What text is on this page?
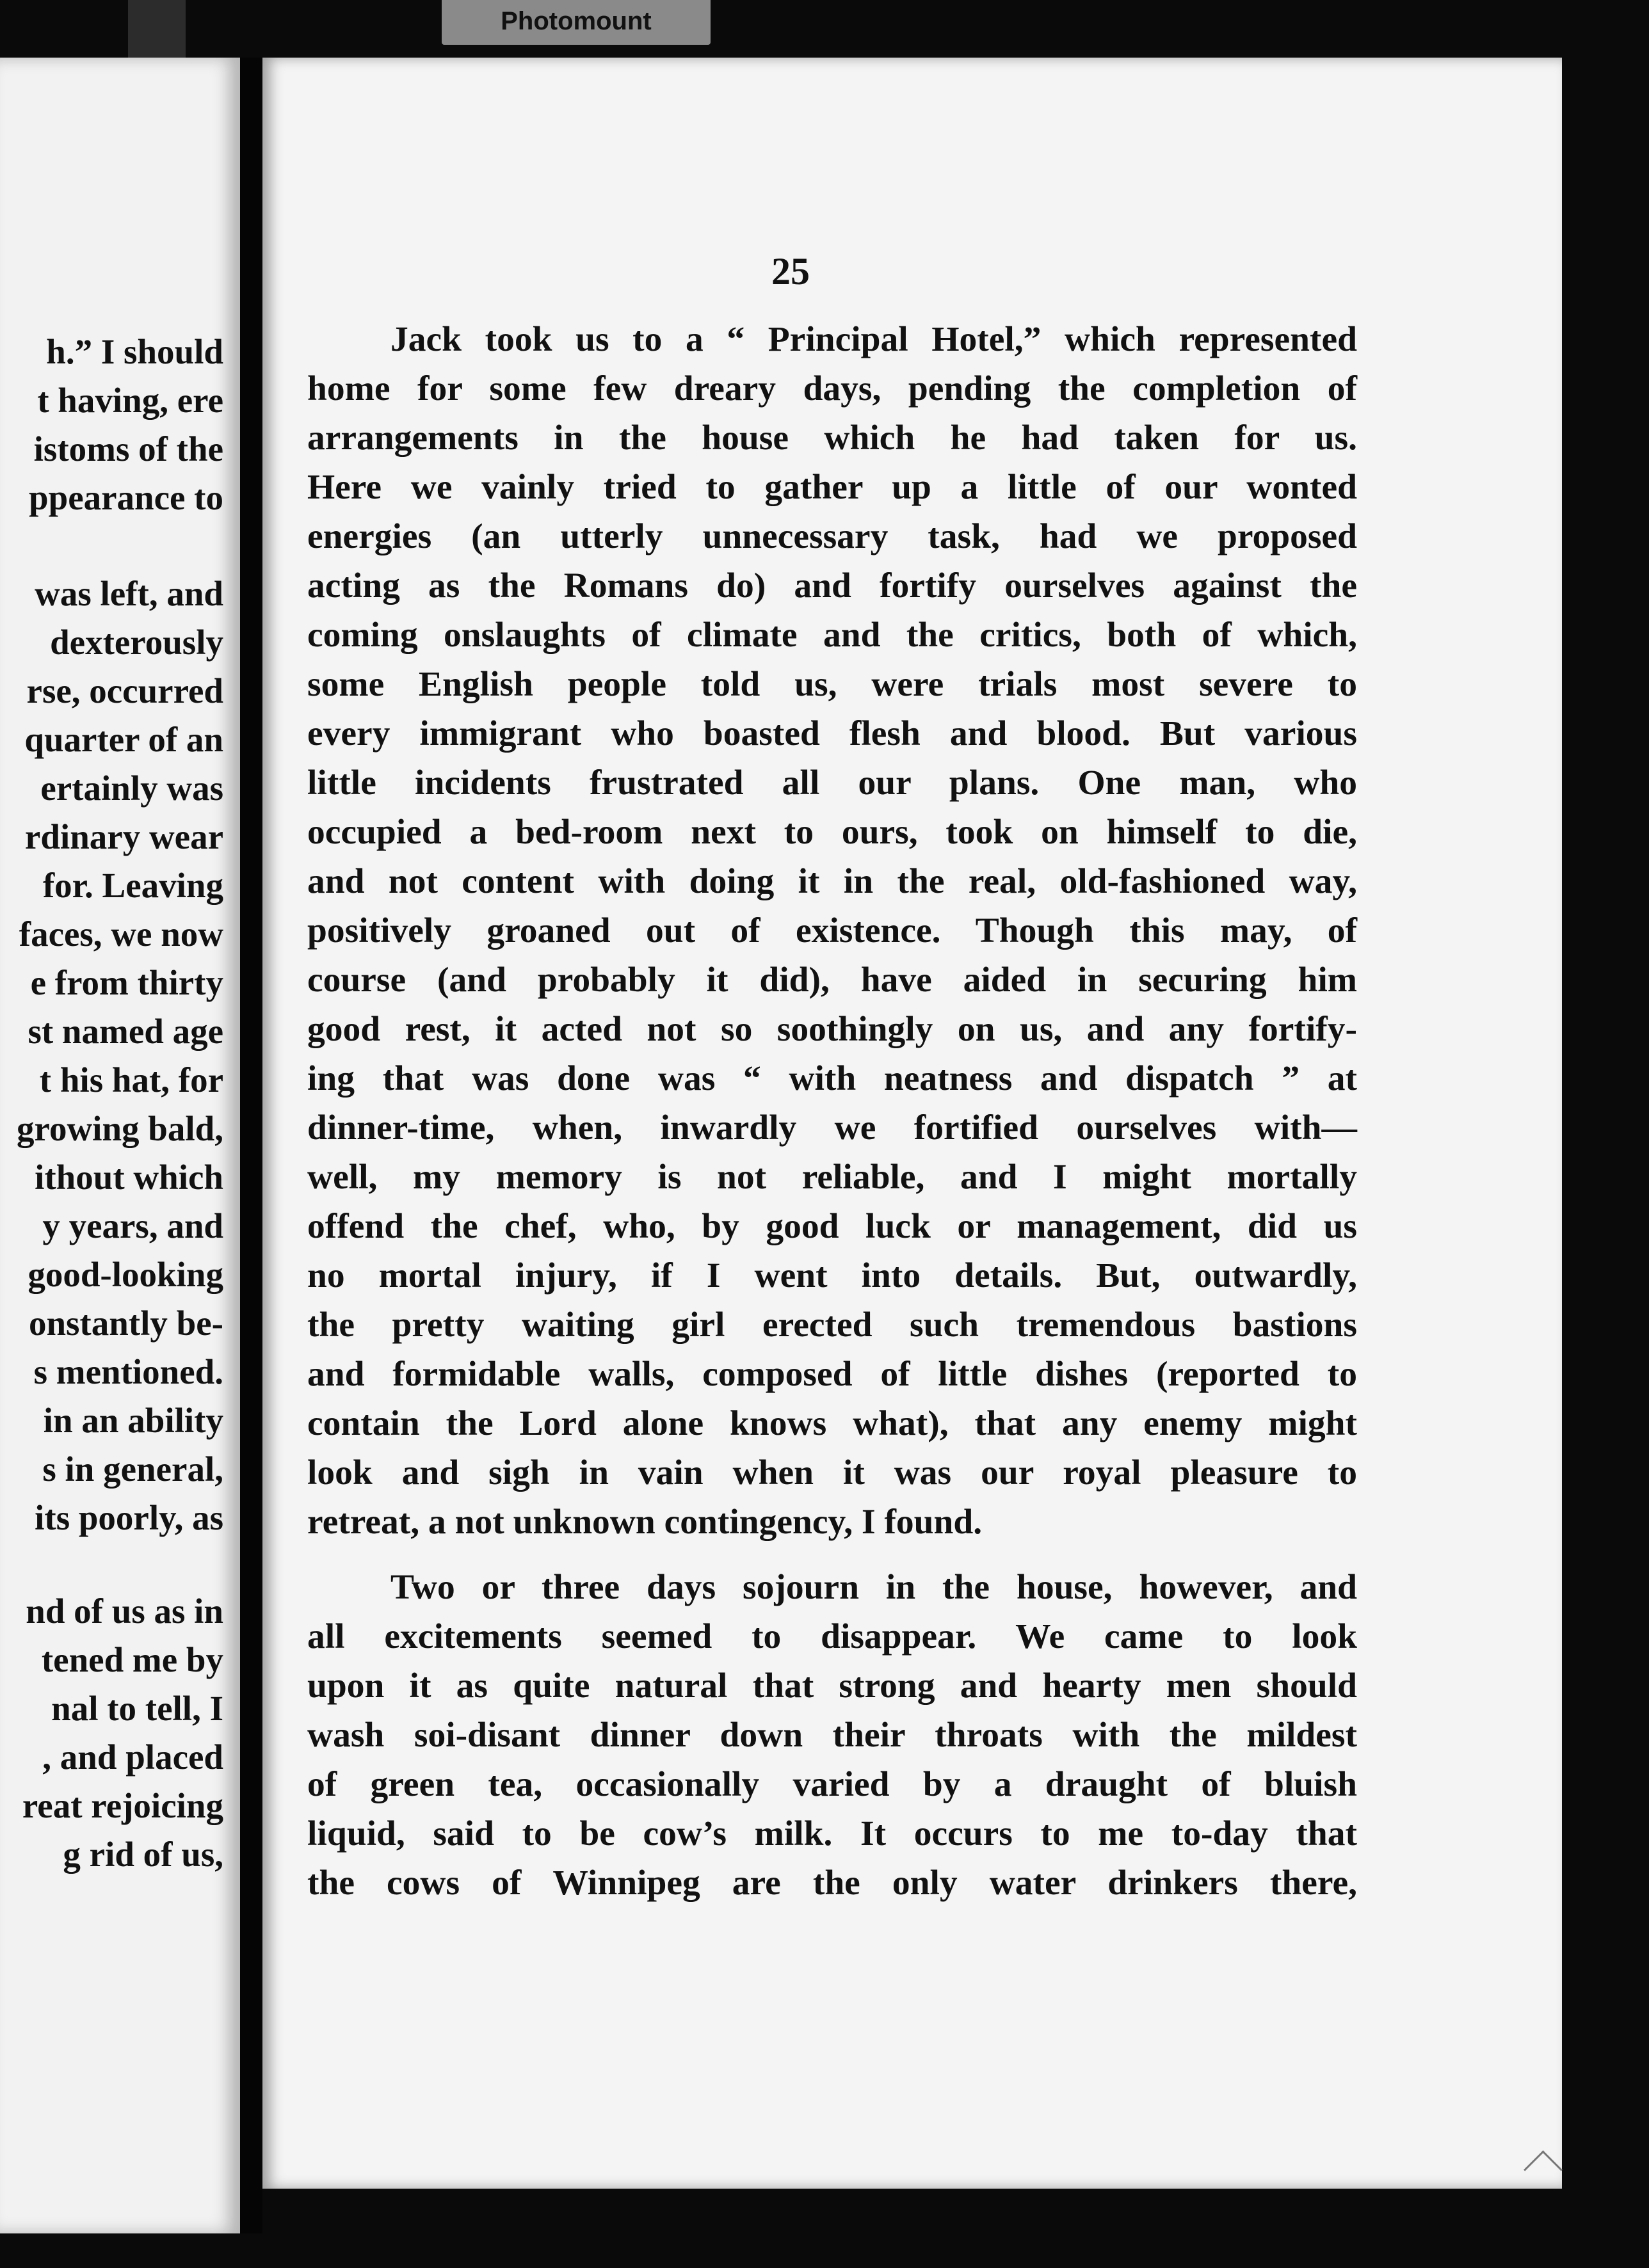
Photomount
h.” I should
t having, ere
istoms of the
ppearance to
was left, and
dexterously
rse, occurred
quarter of an
ertainly was
rdinary wear
for. Leaving
faces, we now
e from thirty
st named age
t his hat, for
growing bald,
ithout which
y years, and
good-looking
onstantly be-
s mentioned.
in an ability
s in general,
its poorly, as
nd of us as in
tened me by
nal to tell, I
, and placed
reat rejoicing
g rid of us,
25

Jack took us to a “ Principal Hotel,” which represented

home for some few dreary days, pending the completion of

arrangements in the house which he had taken for us.

Here we vainly tried to gather up a little of our wonted

energies (an utterly unnecessary task, had we proposed

acting as the Romans do) and fortify ourselves against the

coming onslaughts of climate and the critics, both of which,

some English people told us, were trials most severe to

every immigrant who boasted flesh and blood. But various

little incidents frustrated all our plans. One man, who

occupied a bed-room next to ours, took on himself to die,

and not content with doing it in the real, old-fashioned way,

positively groaned out of existence. Though this may, of

course (and probably it did), have aided in securing him

good rest, it acted not so soothingly on us, and any fortify-

ing that was done was “ with neatness and dispatch ” at

dinner-time, when, inwardly we fortified ourselves with—

well, my memory is not reliable, and I might mortally

offend the chef, who, by good luck or management, did us

no mortal injury, if I went into details. But, outwardly,

the pretty waiting girl erected such tremendous bastions

and formidable walls, composed of little dishes (reported to

contain the Lord alone knows what), that any enemy might

look and sigh in vain when it was our royal pleasure to

retreat, a not unknown contingency, I found.

Two or three days sojourn in the house, however, and

all excitements seemed to disappear. We came to look

upon it as quite natural that strong and hearty men should

wash soi-disant dinner down their throats with the mildest

of green tea, occasionally varied by a draught of bluish

liquid, said to be cow’s milk. It occurs to me to-day that

the cows of Winnipeg are the only water drinkers there,
